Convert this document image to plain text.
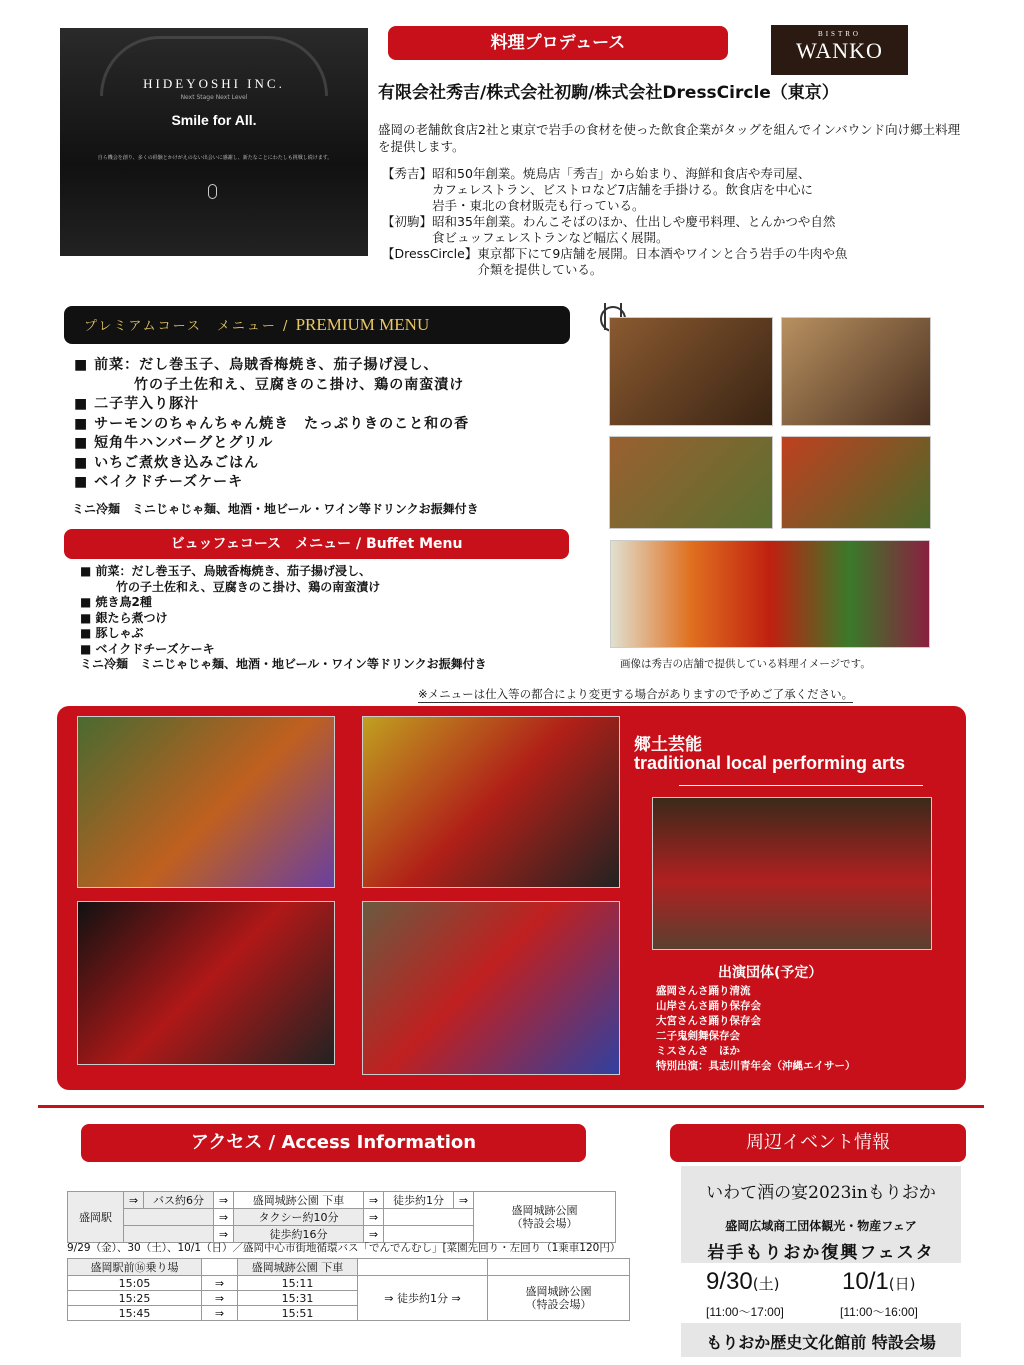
HIDEYOSHI INC.
Next Stage Next Level
Smile for All.
自ら機会を創り、多くの経験とかけがえのない出会いに感謝し、新たなことにわたしも挑戦し続けます。
料理プロデュース	BISTRO
WANKO
有限会社秀吉/株式会社初駒/株式会社DressCircle（東京）
盛岡の老舗飲食店2社と東京で岩手の食材を使った飲食企業がタッグを組んでインバウンド向け郷土料理を提供します。
【秀吉】 昭和50年創業。焼鳥店「秀吉」から始まり、海鮮和食店や寿司屋、
カフェレストラン、ビストロなど7店舗を手掛ける。飲食店を中心に
岩手・東北の食材販売も行っている。
【初駒】 昭和35年創業。わんこそばのほか、仕出しや慶弔料理、とんかつや自然
食ビュッフェレストランなど幅広く展開。
【DressCircle】 東京都下にて9店舗を展開。日本酒やワインと合う岩手の牛肉や魚
介類を提供している。
プレミアムコース　メニュー / PREMIUM MENU
■ 前菜：だし巻玉子、烏賊香梅焼き、茄子揚げ浸し、
　　　　竹の子土佐和え、豆腐きのこ掛け、鶏の南蛮漬け
■ 二子芋入り豚汁
■ サーモンのちゃんちゃん焼き　たっぷりきのこと和の香
■ 短角牛ハンバーグとグリル
■ いちご煮炊き込みごはん
■ ベイクドチーズケーキ
ミニ冷麺　ミニじゃじゃ麺、地酒・地ビール・ワイン等ドリンクお振舞付き
ビュッフェコース　メニュー / Buffet Menu
■ 前菜：だし巻玉子、烏賊香梅焼き、茄子揚げ浸し、
　　　竹の子土佐和え、豆腐きのこ掛け、鶏の南蛮漬け
■ 焼き鳥2種
■ 銀たら煮つけ
■ 豚しゃぶ
■ ベイクドチーズケーキ
ミニ冷麺　ミニじゃじゃ麺、地酒・地ビール・ワイン等ドリンクお振舞付き
※メニューは仕入等の都合により変更する場合がありますので予めご了承ください。
画像は秀吉の店舗で提供している料理イメージです。
郷土芸能
traditional local performing arts
出演団体(予定）
盛岡さんさ踊り清流
山岸さんさ踊り保存会
大宮さんさ踊り保存会
二子鬼剣舞保存会
ミスさんさ　ほか
特別出演：具志川青年会（沖縄エイサー）
アクセス / Access Information
盛岡駅	⇒	バス約6分	⇒	盛岡城跡公園 下車	⇒	徒歩約1分	⇒	盛岡城跡公園
（特設会場）
			⇒	タクシー約10分	⇒			
			⇒	徒歩約16分	⇒			
9/29（金）、30（土）、10/1（日）／盛岡中心市街地循環バス「でんでんむし」[菜園先回り・左回り（1乗車120円）
盛岡駅前⑯乗り場		盛岡城跡公園 下車		
15:05	⇒	15:11	⇒ 徒歩約1分 ⇒	盛岡城跡公園
（特設会場）
15:25	⇒	15:31		
15:45	⇒	15:51		
周辺イベント情報
いわて酒の宴2023inもりおか
盛岡広域商工団体観光・物産フェア
岩手もりおか復興フェスタ
9/30(土)
[11:00〜17:00]
10/1(日)
[11:00〜16:00]
もりおか歴史文化館前 特設会場
